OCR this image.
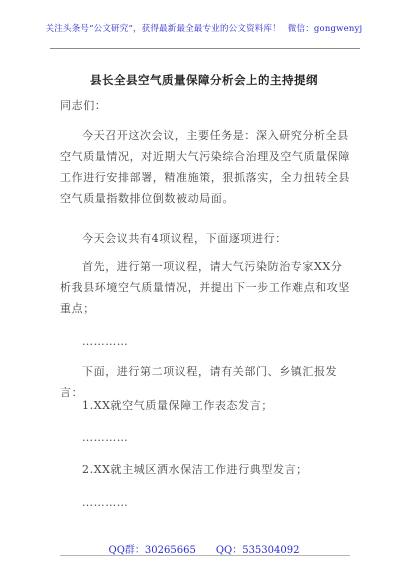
关注头条号“公文研究”，获得最新最全最专业的公文资料库！ 微信：gongwenyj
县长全县空气质量保障分析会上的主持提纲
同志们：
今天召开这次会议，主要任务是：深入研究分析全县空气质量情况，对近期大气污染综合治理及空气质量保障工作进行安排部署，精准施策，狠抓落实，全力扭转全县空气质量指数排位倒数被动局面。
今天会议共有4项议程，下面逐项进行：
首先，进行第一项议程，请大气污染防治专家XX分析我县环境空气质量情况，并提出下一步工作难点和攻坚重点；
…………
下面，进行第二项议程，请有关部门、乡镇汇报发言：
1.XX就空气质量保障工作表态发言；
…………
2.XX就主城区洒水保洁工作进行典型发言；
…………
QQ群：30265665 QQ：535304092
